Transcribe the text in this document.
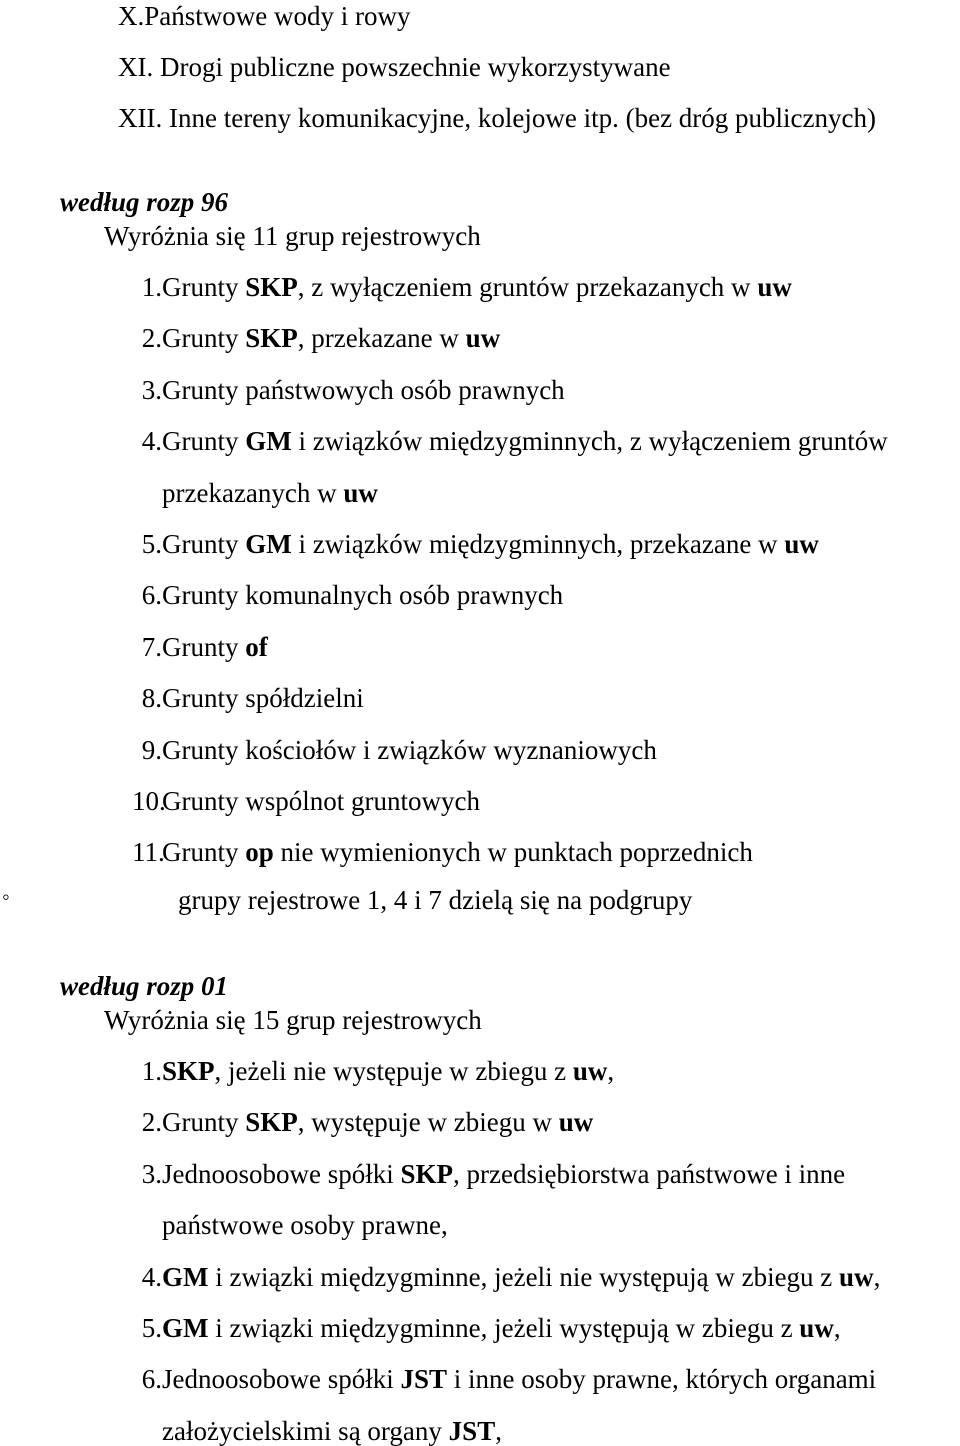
X.Państwowe wody i rowy
XI. Drogi publiczne powszechnie wykorzystywane
XII. Inne tereny komunikacyjne, kolejowe itp. (bez dróg publicznych)
według rozp 96
Wyróżnia się 11 grup rejestrowych
1. Grunty SKP, z wyłączeniem gruntów przekazanych w uw
2. Grunty SKP, przekazane w uw
3. Grunty państwowych osób prawnych
4. Grunty GM i związków międzygminnych, z wyłączeniem gruntów
przekazanych w uw
5. Grunty GM i związków międzygminnych, przekazane w uw
6. Grunty komunalnych osób prawnych
7. Grunty of
8. Grunty spółdzielni
9. Grunty kościołów i związków wyznaniowych
10.
Grunty wspólnot gruntowych
11.
Grunty op nie wymienionych w punktach poprzednich
◦	grupy rejestrowe 1, 4 i 7 dzielą się na podgrupy
według rozp 01
Wyróżnia się 15 grup rejestrowych
1. SKP, jeżeli nie występuje w zbiegu z uw,
2. Grunty SKP, występuje w zbiegu w uw
3. Jednoosobowe spółki SKP, przedsiębiorstwa państwowe i inne
państwowe osoby prawne,
4. GM i związki międzygminne, jeżeli nie występują w zbiegu z uw,
5. GM i związki międzygminne, jeżeli występują w zbiegu z uw,
6. Jednoosobowe spółki JST i inne osoby prawne, których organami
założycielskimi są organy JST,
